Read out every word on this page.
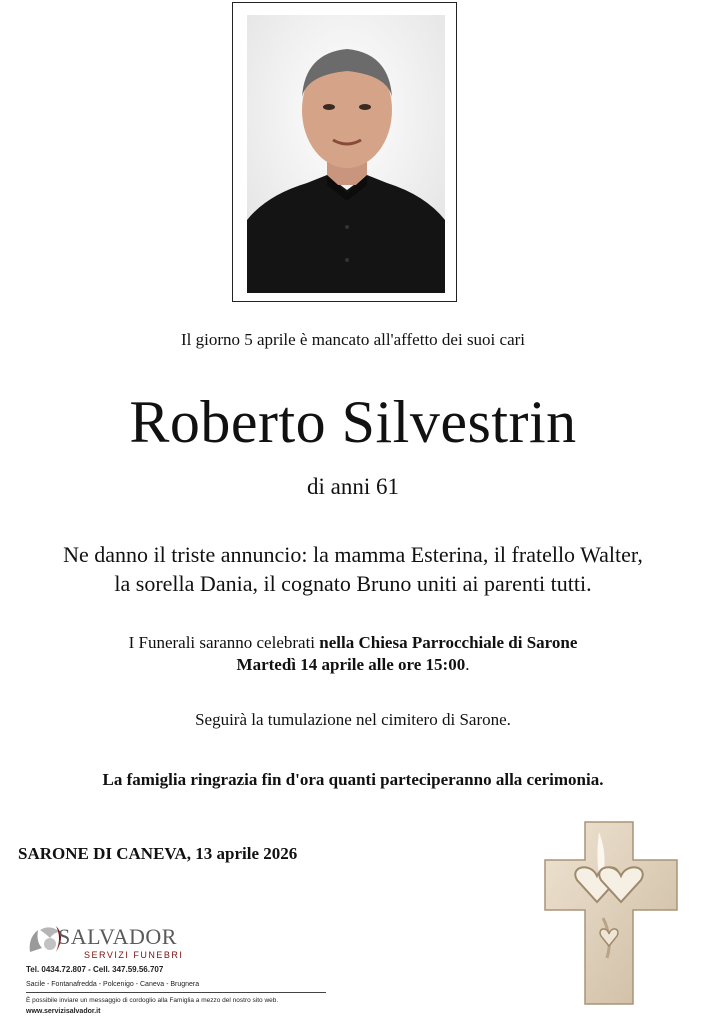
Il giorno 5 aprile è mancato all'affetto dei suoi cari
Roberto Silvestrin
di anni 61
Ne danno il triste annuncio: la mamma Esterina, il fratello Walter,
la sorella Dania, il cognato Bruno uniti ai parenti tutti.
I Funerali saranno celebrati nella Chiesa Parrocchiale di Sarone
Martedì 14 aprile alle ore 15:00.
Seguirà la tumulazione nel cimitero di Sarone.
La famiglia ringrazia fin d'ora quanti parteciperanno alla cerimonia.
SARONE DI CANEVA, 13 aprile 2026
SALVADOR
SERVIZI FUNEBRI
Tel. 0434.72.807 - Cell. 347.59.56.707
Sacile - Fontanafredda - Polcenigo - Caneva - Brugnera
È possibile inviare un messaggio di cordoglio alla Famiglia a mezzo del nostro sito web.
www.servizisalvador.it
